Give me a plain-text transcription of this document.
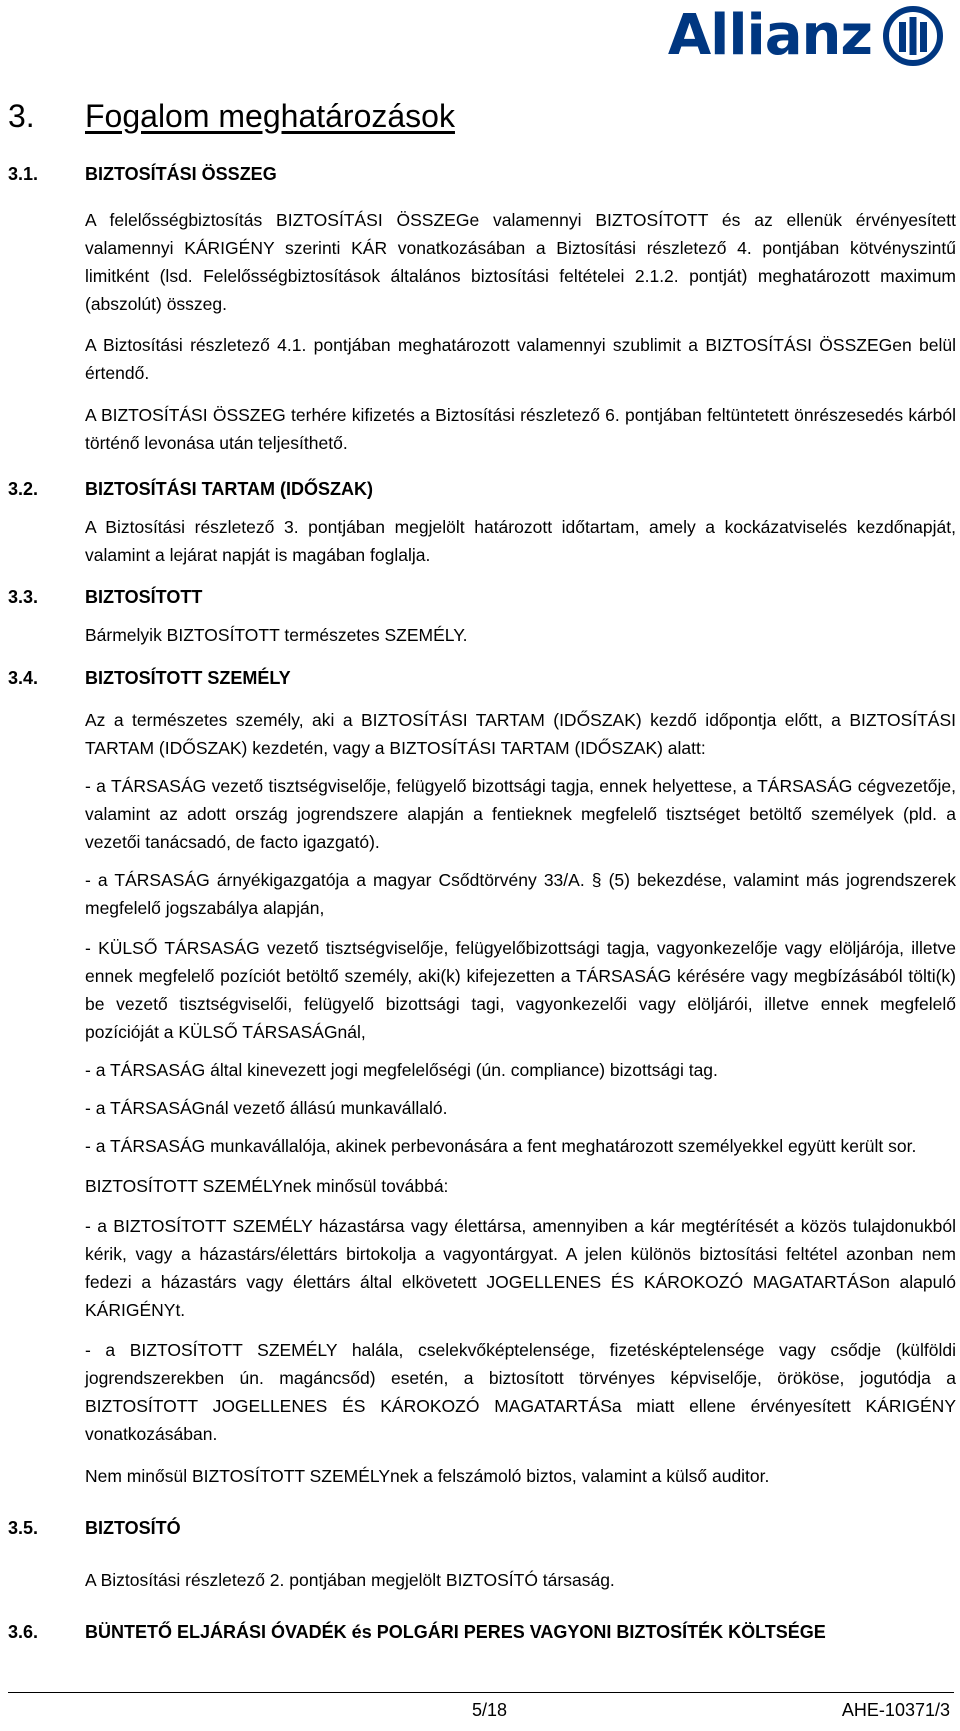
Allianz
3. Fogalom meghatározások
3.1.	BIZTOSÍTÁSI ÖSSZEG

A felelősségbiztosítás BIZTOSÍTÁSI ÖSSZEGe valamennyi BIZTOSÍTOTT és az ellenük érvényesített valamennyi KÁRIGÉNY szerinti KÁR vonatkozásában a Biztosítási részletező 4. pontjában kötvényszintű limitként (lsd. Felelősségbiztosítások általános biztosítási feltételei 2.1.2. pontját) meghatározott maximum (abszolút) összeg.

A Biztosítási részletező 4.1. pontjában meghatározott valamennyi szublimit a BIZTOSÍTÁSI ÖSSZEGen belül értendő.

A BIZTOSÍTÁSI ÖSSZEG terhére kifizetés a Biztosítási részletező 6. pontjában feltüntetett önrészesedés kárból történő levonása után teljesíthető.

3.2.	BIZTOSÍTÁSI TARTAM (IDŐSZAK)

A Biztosítási részletező 3. pontjában megjelölt határozott időtartam, amely a kockázatviselés kezdőnapját, valamint a lejárat napját is magában foglalja.

3.3.	BIZTOSÍTOTT

Bármelyik BIZTOSÍTOTT természetes SZEMÉLY.

3.4.	BIZTOSÍTOTT SZEMÉLY

Az a természetes személy, aki a BIZTOSÍTÁSI TARTAM (IDŐSZAK) kezdő időpontja előtt, a BIZTOSÍTÁSI TARTAM (IDŐSZAK) kezdetén, vagy a BIZTOSÍTÁSI TARTAM (IDŐSZAK) alatt:

- a TÁRSASÁG vezető tisztségviselője, felügyelő bizottsági tagja, ennek helyettese, a TÁRSASÁG cégvezetője, valamint az adott ország jogrendszere alapján a fentieknek megfelelő tisztséget betöltő személyek (pld. a vezetői tanácsadó, de facto igazgató).

- a TÁRSASÁG árnyékigazgatója a magyar Csődtörvény 33/A. § (5) bekezdése, valamint más jogrendszerek megfelelő jogszabálya alapján,

- KÜLSŐ TÁRSASÁG vezető tisztségviselője, felügyelőbizottsági tagja, vagyonkezelője vagy elöljárója, illetve ennek megfelelő pozíciót betöltő személy, aki(k) kifejezetten a TÁRSASÁG kérésére vagy megbízásából tölti(k) be vezető tisztségviselői, felügyelő bizottsági tagi, vagyonkezelői vagy elöljárói, illetve ennek megfelelő pozícióját a KÜLSŐ TÁRSASÁGnál,

- a TÁRSASÁG által kinevezett jogi megfelelőségi (ún. compliance) bizottsági tag.

- a TÁRSASÁGnál vezető állású munkavállaló.

- a TÁRSASÁG munkavállalója, akinek perbevonására a fent meghatározott személyekkel együtt került sor.

BIZTOSÍTOTT SZEMÉLYnek minősül továbbá:

- a BIZTOSÍTOTT SZEMÉLY házastársa vagy élettársa, amennyiben a kár megtérítését a közös tulajdonukból kérik, vagy a házastárs/élettárs birtokolja a vagyontárgyat. A jelen különös biztosítási feltétel azonban nem fedezi a házastárs vagy élettárs által elkövetett JOGELLENES ÉS KÁROKOZÓ MAGATARTÁSon alapuló KÁRIGÉNYt.

- a BIZTOSÍTOTT SZEMÉLY halála, cselekvőképtelensége, fizetésképtelensége vagy csődje (külföldi jogrendszerekben ún. magáncsőd) esetén, a biztosított törvényes képviselője, örököse, jogutódja a BIZTOSÍTOTT JOGELLENES ÉS KÁROKOZÓ MAGATARTÁSa miatt ellene érvényesített KÁRIGÉNY vonatkozásában.

Nem minősül BIZTOSÍTOTT SZEMÉLYnek a felszámoló biztos, valamint a külső auditor.

3.5.	BIZTOSÍTÓ

A Biztosítási részletező 2. pontjában megjelölt BIZTOSÍTÓ társaság.

3.6.	BÜNTETŐ ELJÁRÁSI ÓVADÉK és POLGÁRI PERES VAGYONI BIZTOSÍTÉK KÖLTSÉGE
5/18	AHE-10371/3
